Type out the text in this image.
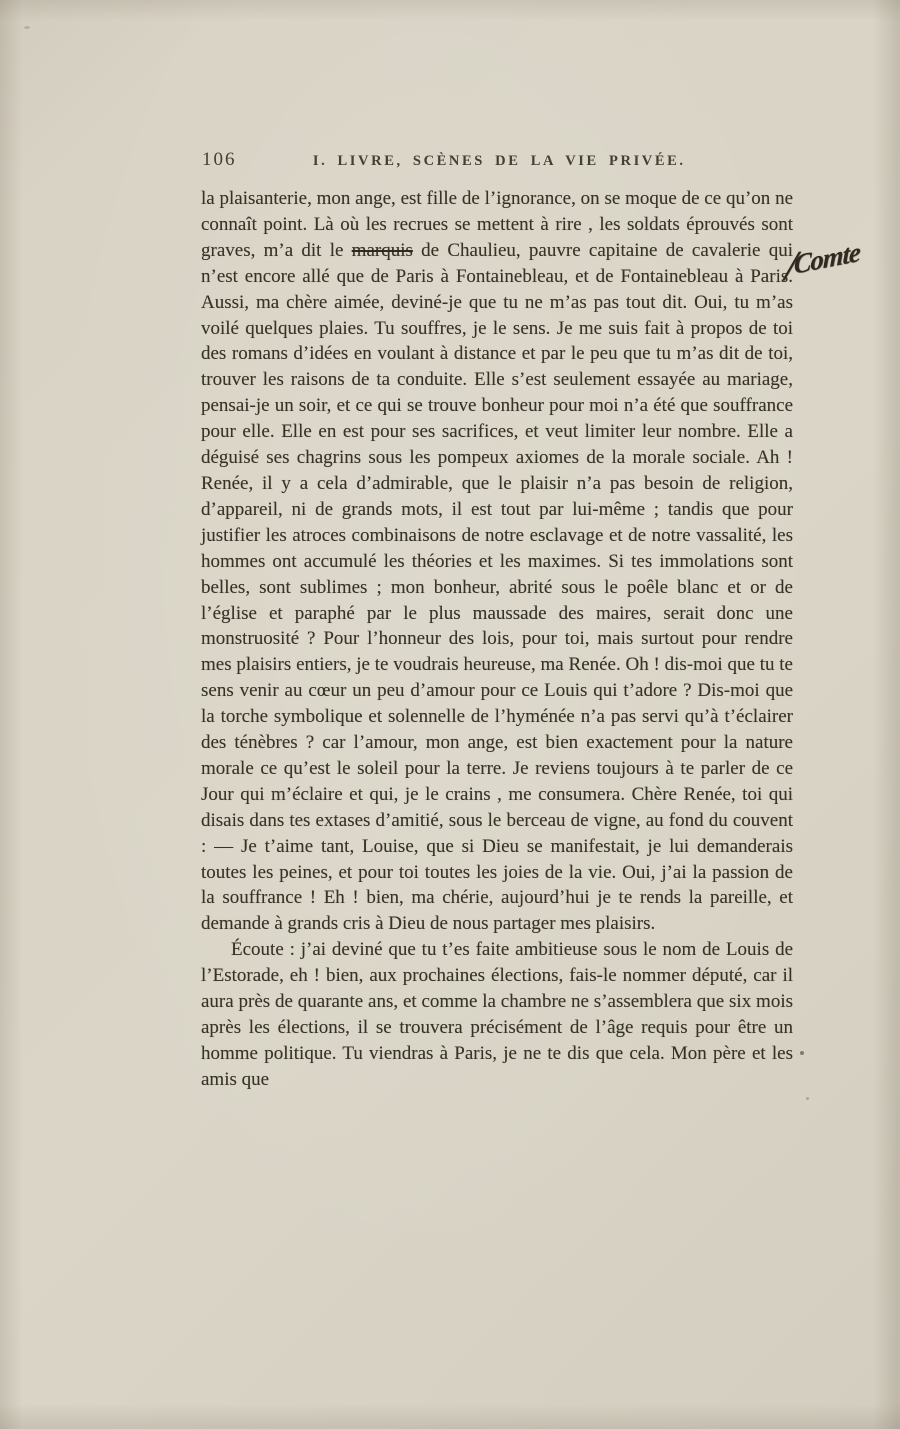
106	I. LIVRE, SCÈNES DE LA VIE PRIVÉE.

la plaisanterie, mon ange, est fille de l’ignorance, on se moque de ce qu’on ne connaît point. Là où les recrues se mettent à rire , les soldats éprouvés sont graves, m’a dit le marquis de Chaulieu, pauvre capitaine de cavalerie qui n’est encore allé que de Paris à Fontainebleau, et de Fontainebleau à Paris. Aussi, ma chère aimée, deviné-je que tu ne m’as pas tout dit. Oui, tu m’as voilé quelques plaies. Tu souffres, je le sens. Je me suis fait à propos de toi des romans d’idées en voulant à distance et par le peu que tu m’as dit de toi, trouver les raisons de ta conduite. Elle s’est seulement essayée au mariage, pensai-je un soir, et ce qui se trouve bonheur pour moi n’a été que souffrance pour elle. Elle en est pour ses sacrifices, et veut limiter leur nombre. Elle a déguisé ses chagrins sous les pompeux axiomes de la morale sociale. Ah ! Renée, il y a cela d’admirable, que le plaisir n’a pas besoin de religion, d’appareil, ni de grands mots, il est tout par lui-même ; tandis que pour justifier les atroces combinaisons de notre esclavage et de notre vassalité, les hommes ont accumulé les théories et les maximes. Si tes immolations sont belles, sont sublimes ; mon bonheur, abrité sous le poêle blanc et or de l’église et paraphé par le plus maussade des maires, serait donc une monstruosité ? Pour l’honneur des lois, pour toi, mais surtout pour rendre mes plaisirs entiers, je te voudrais heureuse, ma Renée. Oh ! dis-moi que tu te sens venir au cœur un peu d’amour pour ce Louis qui t’adore ? Dis-moi que la torche symbolique et solennelle de l’hyménée n’a pas servi qu’à t’éclairer des ténèbres ? car l’amour, mon ange, est bien exactement pour la nature morale ce qu’est le soleil pour la terre. Je reviens toujours à te parler de ce Jour qui m’éclaire et qui, je le crains , me consumera. Chère Renée, toi qui disais dans tes extases d’amitié, sous le berceau de vigne, au fond du couvent : — Je t’aime tant, Louise, que si Dieu se manifestait, je lui demanderais toutes les peines, et pour toi toutes les joies de la vie. Oui, j’ai la passion de la souffrance ! Eh ! bien, ma chérie, aujourd’hui je te rends la pareille, et demande à grands cris à Dieu de nous partager mes plaisirs.

Écoute : j’ai deviné que tu t’es faite ambitieuse sous le nom de Louis de l’Estorade, eh ! bien, aux prochaines élections, fais-le nommer député, car il aura près de quarante ans, et comme la chambre ne s’assemblera que six mois après les élections, il se trouvera précisément de l’âge requis pour être un homme politique. Tu viendras à Paris, je ne te dis que cela. Mon père et les amis que

/Comte
